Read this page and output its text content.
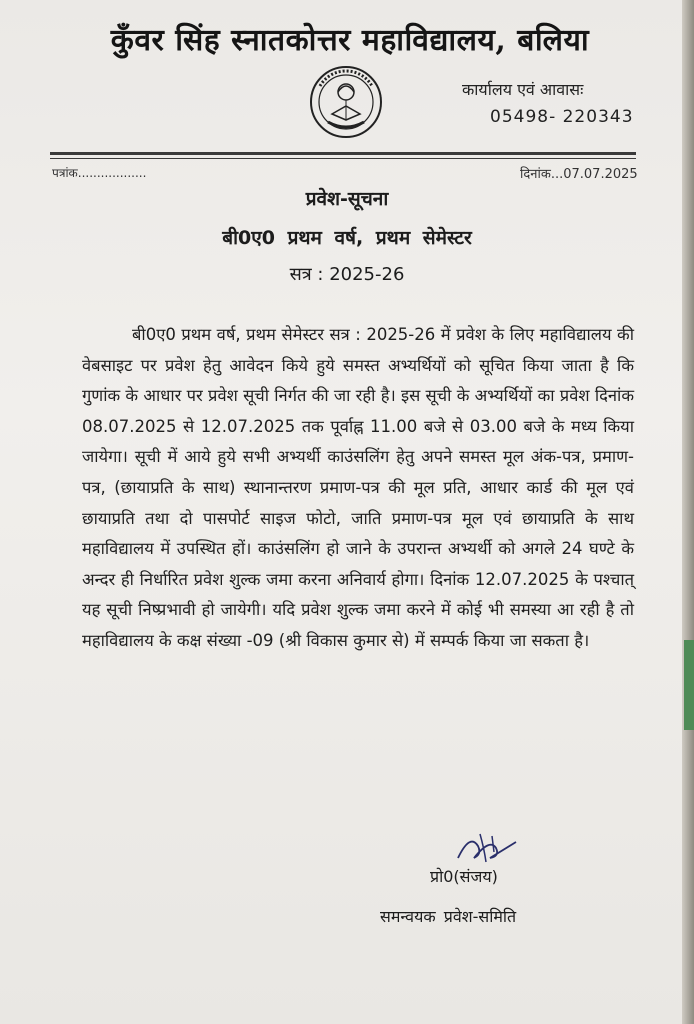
कुँवर सिंह स्नातकोत्तर महाविद्यालय, बलिया
कार्यालय एवं आवासः
05498- 220343
पत्रांक..................	दिनांक...07.07.2025
प्रवेश-सूचना
बी0ए0 प्रथम वर्ष, प्रथम सेमेस्टर
सत्र : 2025-26
बी0ए0 प्रथम वर्ष, प्रथम सेमेस्टर सत्र : 2025-26 में प्रवेश के लिए महाविद्यालय की वेबसाइट पर प्रवेश हेतु आवेदन किये हुये समस्त अभ्यर्थियों को सूचित किया जाता है कि गुणांक के आधार पर प्रवेश सूची निर्गत की जा रही है। इस सूची के अभ्यर्थियों का प्रवेश दिनांक 08.07.2025 से 12.07.2025 तक पूर्वाह्न 11.00 बजे से 03.00 बजे के मध्य किया जायेगा। सूची में आये हुये सभी अभ्यर्थी काउंसलिंग हेतु अपने समस्त मूल अंक-पत्र, प्रमाण-पत्र, (छायाप्रति के साथ) स्थानान्तरण प्रमाण-पत्र की मूल प्रति, आधार कार्ड की मूल एवं छायाप्रति तथा दो पासपोर्ट साइज फोटो, जाति प्रमाण-पत्र मूल एवं छायाप्रति के साथ महाविद्यालय में उपस्थित हों। काउंसलिंग हो जाने के उपरान्त अभ्यर्थी को अगले 24 घण्टे के अन्दर ही निर्धारित प्रवेश शुल्क जमा करना अनिवार्य होगा। दिनांक 12.07.2025 के पश्चात् यह सूची निष्प्रभावी हो जायेगी। यदि प्रवेश शुल्क जमा करने में कोई भी समस्या आ रही है तो महाविद्यालय के कक्ष संख्या -09 (श्री विकास कुमार से) में सम्पर्क किया जा सकता है।
प्रो0(संजय)
समन्वयक प्रवेश-समिति
